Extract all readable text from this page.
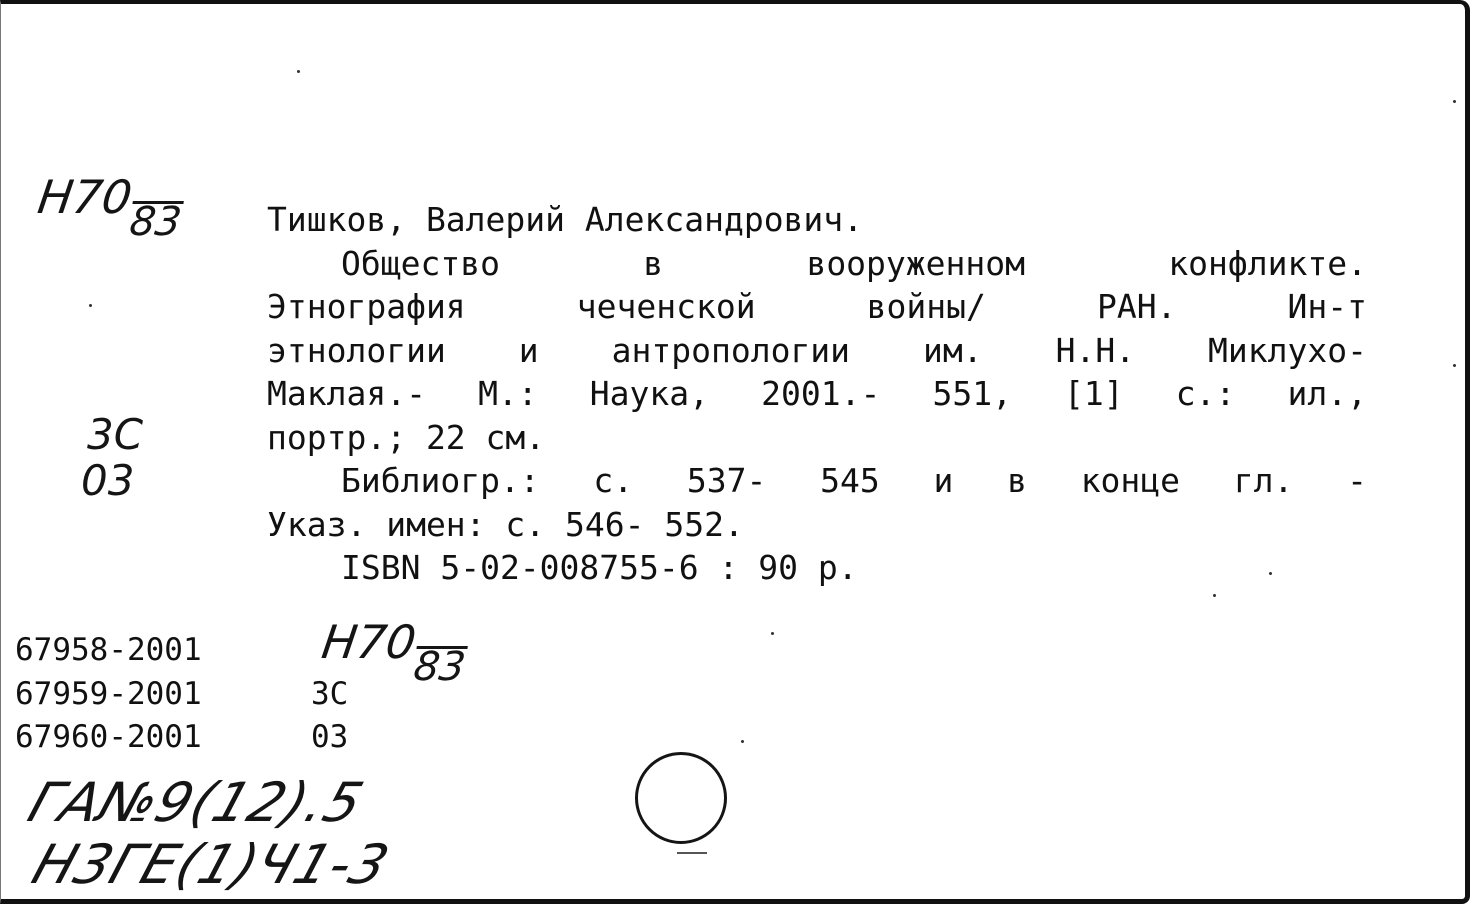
Н7083
3С
03
Тишков, Валерий Александрович.
Общество в вооруженном конфликте.
Этнография чеченской войны/ РАН. Ин-т
этнологии и антропологии им. Н.Н. Миклухо-
Маклая.- М.: Наука, 2001.- 551, [1] с.: ил.,
портр.; 22 см.
Библиогр.: с. 537- 545 и в конце гл. -
Указ. имен: с. 546- 552.
ISBN 5-02-008755-6 : 90 р.
67958-2001
67959-2001	3С
67960-2001	03
Н7083
ГА№9(12).5
Н3ГЕ(1)Ч1-3
